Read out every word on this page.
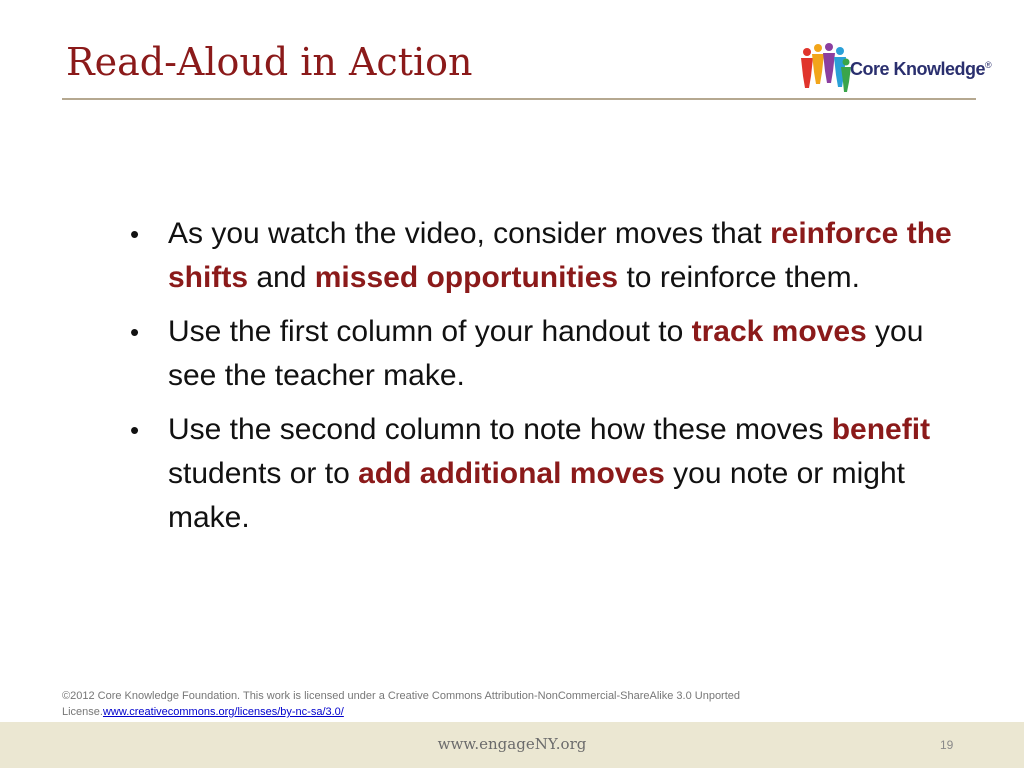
Read-Aloud in Action	Core Knowledge®
• As you watch the video, consider moves that reinforce the shifts and missed opportunities to reinforce them.
• Use the first column of your handout to track moves you see the teacher make.
• Use the second column to note how these moves benefit students or to add additional moves you note or might make.
©2012 Core Knowledge Foundation. This work is licensed under a Creative Commons Attribution-NonCommercial-ShareAlike 3.0 Unported License.www.creativecommons.org/licenses/by-nc-sa/3.0/
www.engageNY.org	19
